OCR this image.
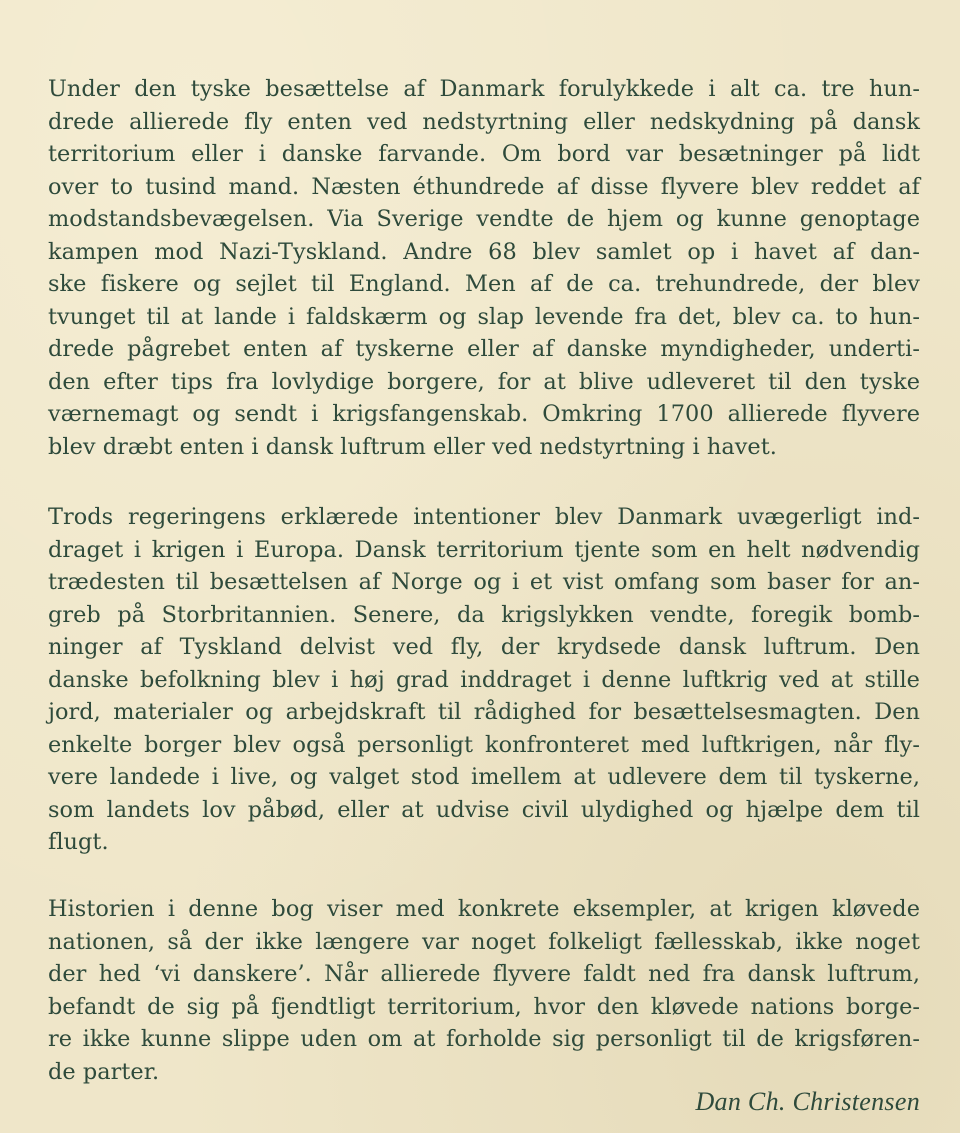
Under den tyske besættelse af Danmark forulykkede i alt ca. tre hun-
drede allierede fly enten ved nedstyrtning eller nedskydning på dansk
territorium eller i danske farvande. Om bord var besætninger på lidt
over to tusind mand. Næsten éthundrede af disse flyvere blev reddet af
modstandsbevægelsen. Via Sverige vendte de hjem og kunne genoptage
kampen mod Nazi-Tyskland. Andre 68 blev samlet op i havet af dan-
ske fiskere og sejlet til England. Men af de ca. trehundrede, der blev
tvunget til at lande i faldskærm og slap levende fra det, blev ca. to hun-
drede pågrebet enten af tyskerne eller af danske myndigheder, underti-
den efter tips fra lovlydige borgere, for at blive udleveret til den tyske
værnemagt og sendt i krigsfangenskab. Omkring 1700 allierede flyvere
blev dræbt enten i dansk luftrum eller ved nedstyrtning i havet.
Trods regeringens erklærede intentioner blev Danmark uvægerligt ind-
draget i krigen i Europa. Dansk territorium tjente som en helt nødvendig
trædesten til besættelsen af Norge og i et vist omfang som baser for an-
greb på Storbritannien. Senere, da krigslykken vendte, foregik bomb-
ninger af Tyskland delvist ved fly, der krydsede dansk luftrum. Den
danske befolkning blev i høj grad inddraget i denne luftkrig ved at stille
jord, materialer og arbejdskraft til rådighed for besættelsesmagten. Den
enkelte borger blev også personligt konfronteret med luftkrigen, når fly-
vere landede i live, og valget stod imellem at udlevere dem til tyskerne,
som landets lov påbød, eller at udvise civil ulydighed og hjælpe dem til
flugt.
Historien i denne bog viser med konkrete eksempler, at krigen kløvede
nationen, så der ikke længere var noget folkeligt fællesskab, ikke noget
der hed ‘vi danskere’. Når allierede flyvere faldt ned fra dansk luftrum,
befandt de sig på fjendtligt territorium, hvor den kløvede nations borge-
re ikke kunne slippe uden om at forholde sig personligt til de krigsføren-
de parter.
Dan Ch. Christensen
